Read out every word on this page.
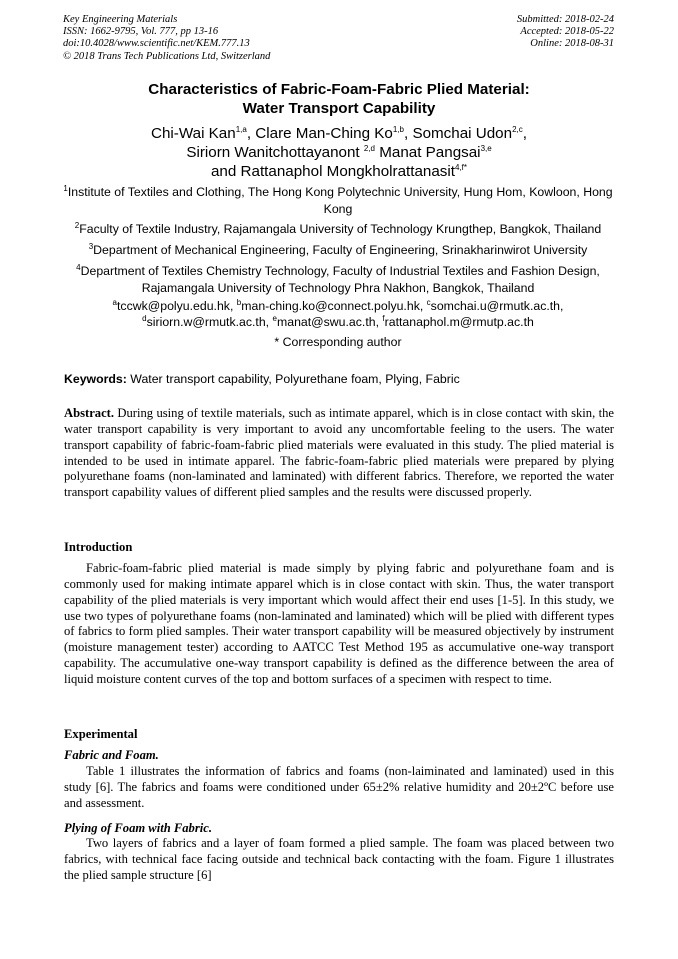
Key Engineering Materials
ISSN: 1662-9795, Vol. 777, pp 13-16
doi:10.4028/www.scientific.net/KEM.777.13
© 2018 Trans Tech Publications Ltd, Switzerland
Submitted: 2018-02-24
Accepted: 2018-05-22
Online: 2018-08-31
Characteristics of Fabric-Foam-Fabric Plied Material:
Water Transport Capability
Chi-Wai Kan$^{1,a}$, Clare Man-Ching Ko$^{1,b}$, Somchai Udon$^{2,c}$,
Siriorn Wanitchottayanont $^{2,d}$ Manat Pangsai$^{3,e}$
and Rattanaphol Mongkholrattanasit$^{4,f*}$
$^1$Institute of Textiles and Clothing, The Hong Kong Polytechnic University, Hung Hom, Kowloon, Hong Kong
$^2$Faculty of Textile Industry, Rajamangala University of Technology Krungthep, Bangkok, Thailand
$^3$Department of Mechanical Engineering, Faculty of Engineering, Srinakharinwirot University
$^4$Department of Textiles Chemistry Technology, Faculty of Industrial Textiles and Fashion Design, Rajamangala University of Technology Phra Nakhon, Bangkok, Thailand
$^a$tccwk@polyu.edu.hk, $^b$man-ching.ko@connect.polyu.hk, $^c$somchai.u@rmutk.ac.th,
$^d$siriorn.w@rmutk.ac.th, $^e$manat@swu.ac.th, $^f$rattanaphol.m@rmutp.ac.th
* Corresponding author
Keywords: Water transport capability, Polyurethane foam, Plying, Fabric
Abstract. During using of textile materials, such as intimate apparel, which is in close contact with skin, the water transport capability is very important to avoid any uncomfortable feeling to the users. The water transport capability of fabric-foam-fabric plied materials were evaluated in this study. The plied material is intended to be used in intimate apparel. The fabric-foam-fabric plied materials were prepared by plying polyurethane foams (non-laminated and laminated) with different fabrics. Therefore, we reported the water transport capability values of different plied samples and the results were discussed properly.
Introduction
Fabric-foam-fabric plied material is made simply by plying fabric and polyurethane foam and is commonly used for making intimate apparel which is in close contact with skin. Thus, the water transport capability of the plied materials is very important which would affect their end uses [1-5]. In this study, we use two types of polyurethane foams (non-laminated and laminated) which will be plied with different types of fabrics to form plied samples. Their water transport capability will be measured objectively by instrument (moisture management tester) according to AATCC Test Method 195 as accumulative one-way transport capability. The accumulative one-way transport capability is defined as the difference between the area of liquid moisture content curves of the top and bottom surfaces of a specimen with respect to time.
Experimental
Fabric and Foam.
Table 1 illustrates the information of fabrics and foams (non-laiminated and laminated) used in this study [6]. The fabrics and foams were conditioned under 65±2% relative humidity and 20±2ºC before use and assessment.
Plying of Foam with Fabric.
Two layers of fabrics and a layer of foam formed a plied sample. The foam was placed between two fabrics, with technical face facing outside and technical back contacting with the foam. Figure 1 illustrates the plied sample structure [6]
